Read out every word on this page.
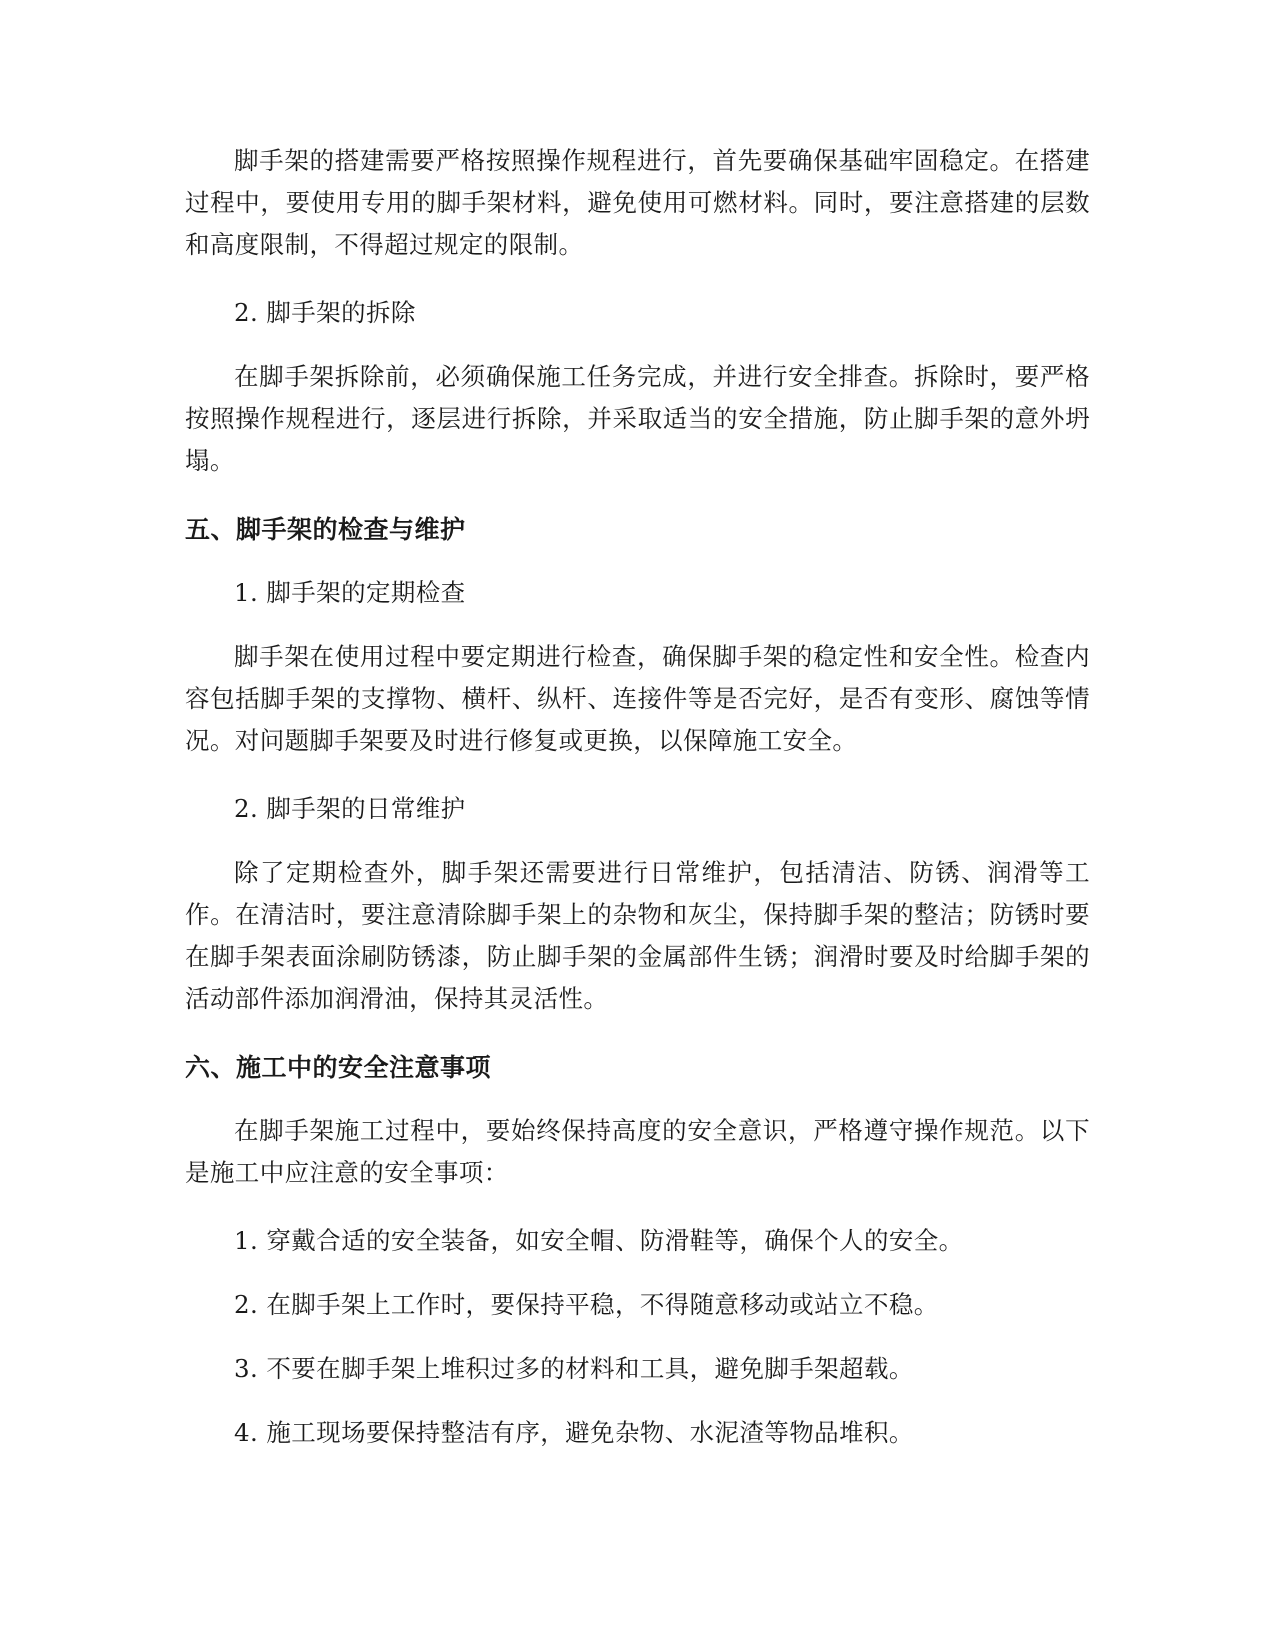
脚手架的搭建需要严格按照操作规程进行，首先要确保基础牢固稳定。在搭建过程中，要使用专用的脚手架材料，避免使用可燃材料。同时，要注意搭建的层数和高度限制，不得超过规定的限制。

2. 脚手架的拆除

在脚手架拆除前，必须确保施工任务完成，并进行安全排查。拆除时，要严格按照操作规程进行，逐层进行拆除，并采取适当的安全措施，防止脚手架的意外坍塌。

五、脚手架的检查与维护

1. 脚手架的定期检查

脚手架在使用过程中要定期进行检查，确保脚手架的稳定性和安全性。检查内容包括脚手架的支撑物、横杆、纵杆、连接件等是否完好，是否有变形、腐蚀等情况。对问题脚手架要及时进行修复或更换，以保障施工安全。

2. 脚手架的日常维护

除了定期检查外，脚手架还需要进行日常维护，包括清洁、防锈、润滑等工作。在清洁时，要注意清除脚手架上的杂物和灰尘，保持脚手架的整洁；防锈时要在脚手架表面涂刷防锈漆，防止脚手架的金属部件生锈；润滑时要及时给脚手架的活动部件添加润滑油，保持其灵活性。

六、施工中的安全注意事项

在脚手架施工过程中，要始终保持高度的安全意识，严格遵守操作规范。以下是施工中应注意的安全事项：

1. 穿戴合适的安全装备，如安全帽、防滑鞋等，确保个人的安全。

2. 在脚手架上工作时，要保持平稳，不得随意移动或站立不稳。

3. 不要在脚手架上堆积过多的材料和工具，避免脚手架超载。

4. 施工现场要保持整洁有序，避免杂物、水泥渣等物品堆积。
